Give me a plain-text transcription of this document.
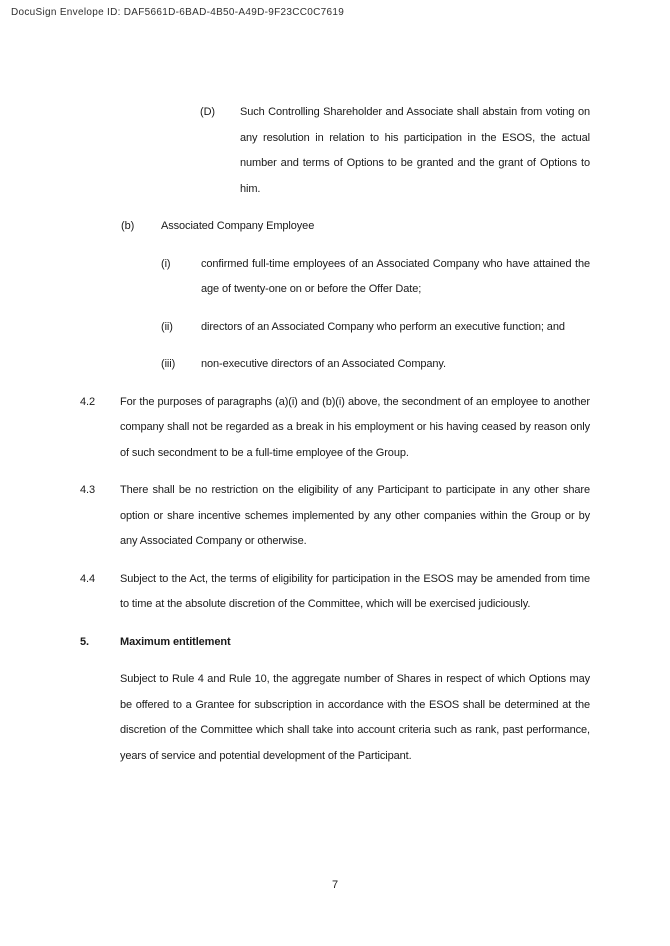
DocuSign Envelope ID: DAF5661D-6BAD-4B50-A49D-9F23CC0C7619
(D)	Such Controlling Shareholder and Associate shall abstain from voting on any resolution in relation to his participation in the ESOS, the actual number and terms of Options to be granted and the grant of Options to him.
(b)	Associated Company Employee
(i)	confirmed full-time employees of an Associated Company who have attained the age of twenty-one on or before the Offer Date;
(ii)	directors of an Associated Company who perform an executive function; and
(iii)	non-executive directors of an Associated Company.
4.2	For the purposes of paragraphs (a)(i) and (b)(i) above, the secondment of an employee to another company shall not be regarded as a break in his employment or his having ceased by reason only of such secondment to be a full-time employee of the Group.
4.3	There shall be no restriction on the eligibility of any Participant to participate in any other share option or share incentive schemes implemented by any other companies within the Group or by any Associated Company or otherwise.
4.4	Subject to the Act, the terms of eligibility for participation in the ESOS may be amended from time to time at the absolute discretion of the Committee, which will be exercised judiciously.
5.	Maximum entitlement
Subject to Rule 4 and Rule 10, the aggregate number of Shares in respect of which Options may be offered to a Grantee for subscription in accordance with the ESOS shall be determined at the discretion of the Committee which shall take into account criteria such as rank, past performance, years of service and potential development of the Participant.
7
